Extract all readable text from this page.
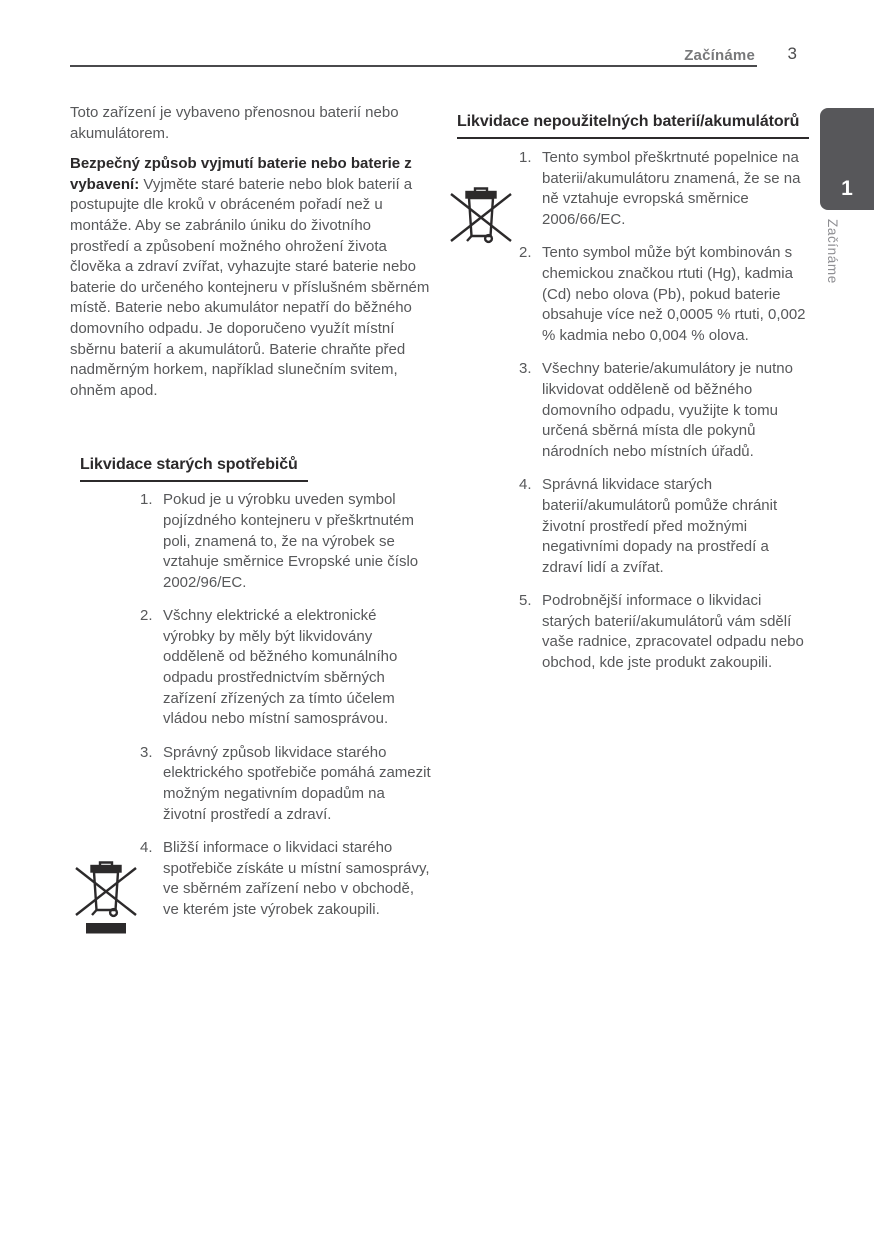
Začínáme 3
1
Začínáme

Toto zařízení je vybaveno přenosnou baterií nebo akumulátorem.

Bezpečný způsob vyjmutí baterie nebo baterie z vybavení: Vyjměte staré baterie nebo blok baterií a postupujte dle kroků v obráceném pořadí než u montáže. Aby se zabránilo úniku do životního prostředí a způsobení možného ohrožení života člověka a zdraví zvířat, vyhazujte staré baterie nebo baterie do určeného kontejneru v příslušném sběrném místě. Baterie nebo akumulátor nepatří do běžného domovního odpadu. Je doporučeno využít místní sběrnu baterií a akumulátorů. Baterie chraňte před nadměrným horkem, například slunečním svitem, ohněm apod.

Likvidace starých spotřebičů
1. Pokud je u výrobku uveden symbol pojízdného kontejneru v přeškrtnutém poli, znamená to, že na výrobek se vztahuje směrnice Evropské unie číslo 2002/96/EC.
2. Všchny elektrické a elektronické výrobky by měly být likvidovány odděleně od běžného komunálního odpadu prostřednictvím sběrných zařízení zřízených za tímto účelem vládou nebo místní samosprávou.
3. Správný způsob likvidace starého elektrického spotřebiče pomáhá zamezit možným negativním dopadům na životní prostředí a zdraví.
4. Bližší informace o likvidaci starého spotřebiče získáte u místní samosprávy, ve sběrném zařízení nebo v obchodě, ve kterém jste výrobek zakoupili.
Likvidace nepoužitelných baterií/akumulátorů
1. Tento symbol přeškrtnuté popelnice na baterii/akumulátoru znamená, že se na ně vztahuje evropská směrnice 2006/66/EC.
2. Tento symbol může být kombinován s chemickou značkou rtuti (Hg), kadmia (Cd) nebo olova (Pb), pokud baterie obsahuje více než 0,0005 % rtuti, 0,002 % kadmia nebo 0,004 % olova.
3. Všechny baterie/akumulátory je nutno likvidovat odděleně od běžného domovního odpadu, využijte k tomu určená sběrná místa dle pokynů národních nebo místních úřadů.
4. Správná likvidace starých baterií/akumulátorů pomůže chránit životní prostředí před možnými negativními dopady na prostředí a zdraví lidí a zvířat.
5. Podrobnější informace o likvidaci starých baterií/akumulátorů vám sdělí vaše radnice, zpracovatel odpadu nebo obchod, kde jste produkt zakoupili.
